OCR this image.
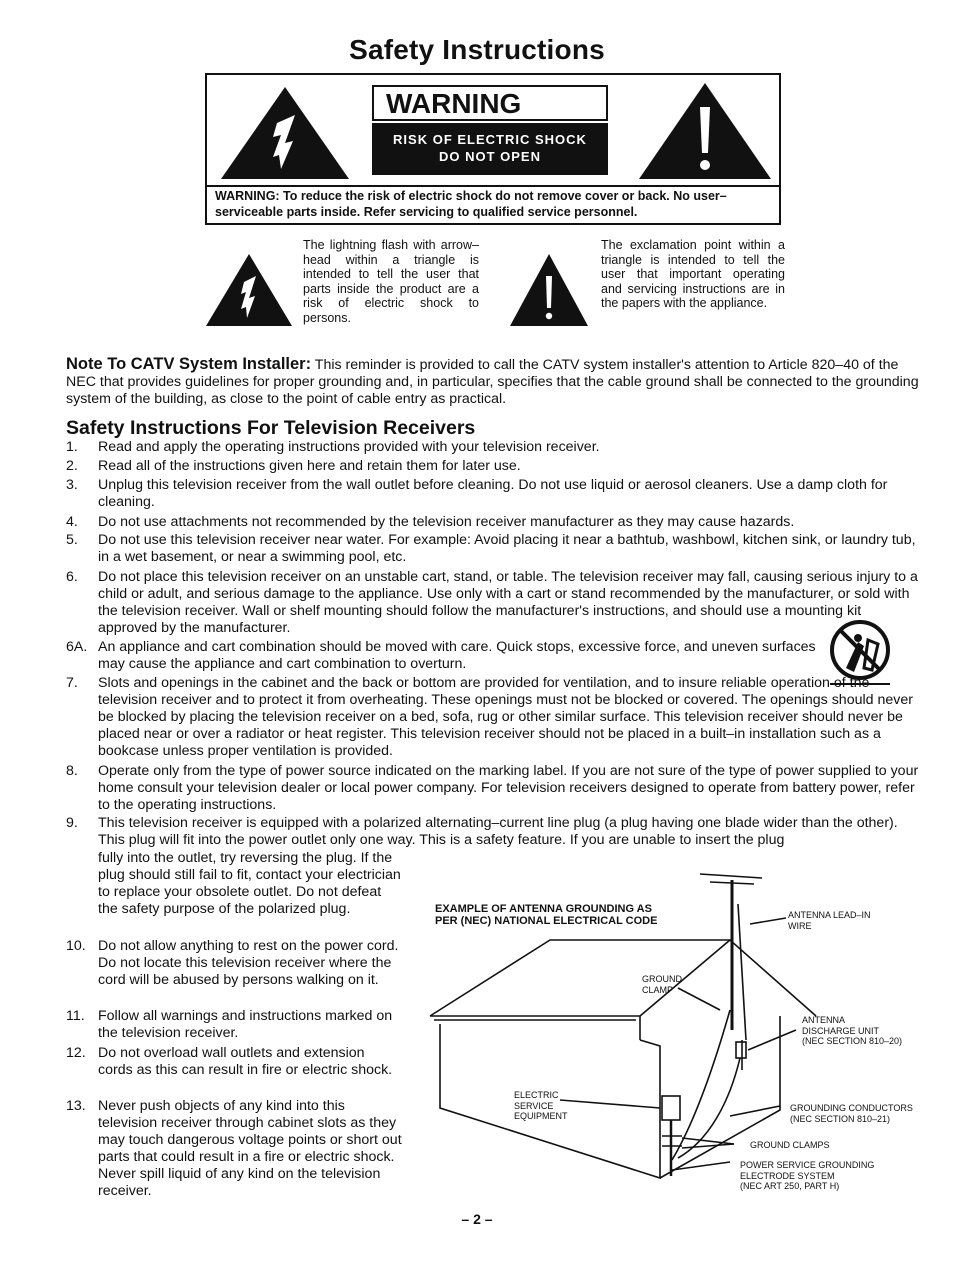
Safety Instructions
WARNING
RISK OF ELECTRIC SHOCK
DO NOT OPEN
WARNING: To reduce the risk of electric shock do not remove cover or back. No user–serviceable parts inside. Refer servicing to qualified service personnel.
The lightning flash with arrow–head within a triangle is intended to tell the user that parts inside the product are a risk of electric shock to persons.
The exclamation point within a triangle is intended to tell the user that important operating and servicing instructions are in the papers with the appliance.
Note To CATV System Installer: This reminder is provided to call the CATV system installer's attention to Article 820–40 of the NEC that provides guidelines for proper grounding and, in particular, specifies that the cable ground shall be connected to the grounding system of the building, as close to the point of cable entry as practical.
Safety Instructions For Television Receivers
1. Read and apply the operating instructions provided with your television receiver.
2. Read all of the instructions given here and retain them for later use.
3. Unplug this television receiver from the wall outlet before cleaning. Do not use liquid or aerosol cleaners. Use a damp cloth for cleaning.
4. Do not use attachments not recommended by the television receiver manufacturer as they may cause hazards.
5. Do not use this television receiver near water. For example: Avoid placing it near a bathtub, washbowl, kitchen sink, or laundry tub, in a wet basement, or near a swimming pool, etc.
6. Do not place this television receiver on an unstable cart, stand, or table. The television receiver may fall, causing serious injury to a child or adult, and serious damage to the appliance. Use only with a cart or stand recommended by the manufacturer, or sold with the television receiver. Wall or shelf mounting should follow the manufacturer's instructions, and should use a mounting kit approved by the manufacturer.
6A. An appliance and cart combination should be moved with care. Quick stops, excessive force, and uneven surfaces may cause the appliance and cart combination to overturn.
7. Slots and openings in the cabinet and the back or bottom are provided for ventilation, and to insure reliable operation of the television receiver and to protect it from overheating. These openings must not be blocked or covered. The openings should never be blocked by placing the television receiver on a bed, sofa, rug or other similar surface. This television receiver should never be placed near or over a radiator or heat register. This television receiver should not be placed in a built–in installation such as a bookcase unless proper ventilation is provided.
8. Operate only from the type of power source indicated on the marking label. If you are not sure of the type of power supplied to your home consult your television dealer or local power company. For television receivers designed to operate from battery power, refer to the operating instructions.
9. This television receiver is equipped with a polarized alternating–current line plug (a plug having one blade wider than the other). This plug will fit into the power outlet only one way. This is a safety feature. If you are unable to insert the plug
fully into the outlet, try reversing the plug. If the plug should still fail to fit, contact your electrician to replace your obsolete outlet. Do not defeat the safety purpose of the polarized plug.
10. Do not allow anything to rest on the power cord. Do not locate this television receiver where the cord will be abused by persons walking on it.
11. Follow all warnings and instructions marked on the television receiver.
12. Do not overload wall outlets and extension cords as this can result in fire or electric shock.
13. Never push objects of any kind into this television receiver through cabinet slots as they may touch dangerous voltage points or short out parts that could result in a fire or electric shock. Never spill liquid of any kind on the television receiver.
EXAMPLE OF ANTENNA GROUNDING AS
PER (NEC) NATIONAL ELECTRICAL CODE	ANTENNA LEAD–IN
WIRE
GROUND
CLAMP
ANTENNA
DISCHARGE UNIT
(NEC SECTION 810–20)
ELECTRIC
SERVICE
EQUIPMENT
GROUNDING CONDUCTORS
(NEC SECTION 810–21)
GROUND CLAMPS
POWER SERVICE GROUNDING
ELECTRODE SYSTEM
(NEC ART 250, PART H)
– 2 –
